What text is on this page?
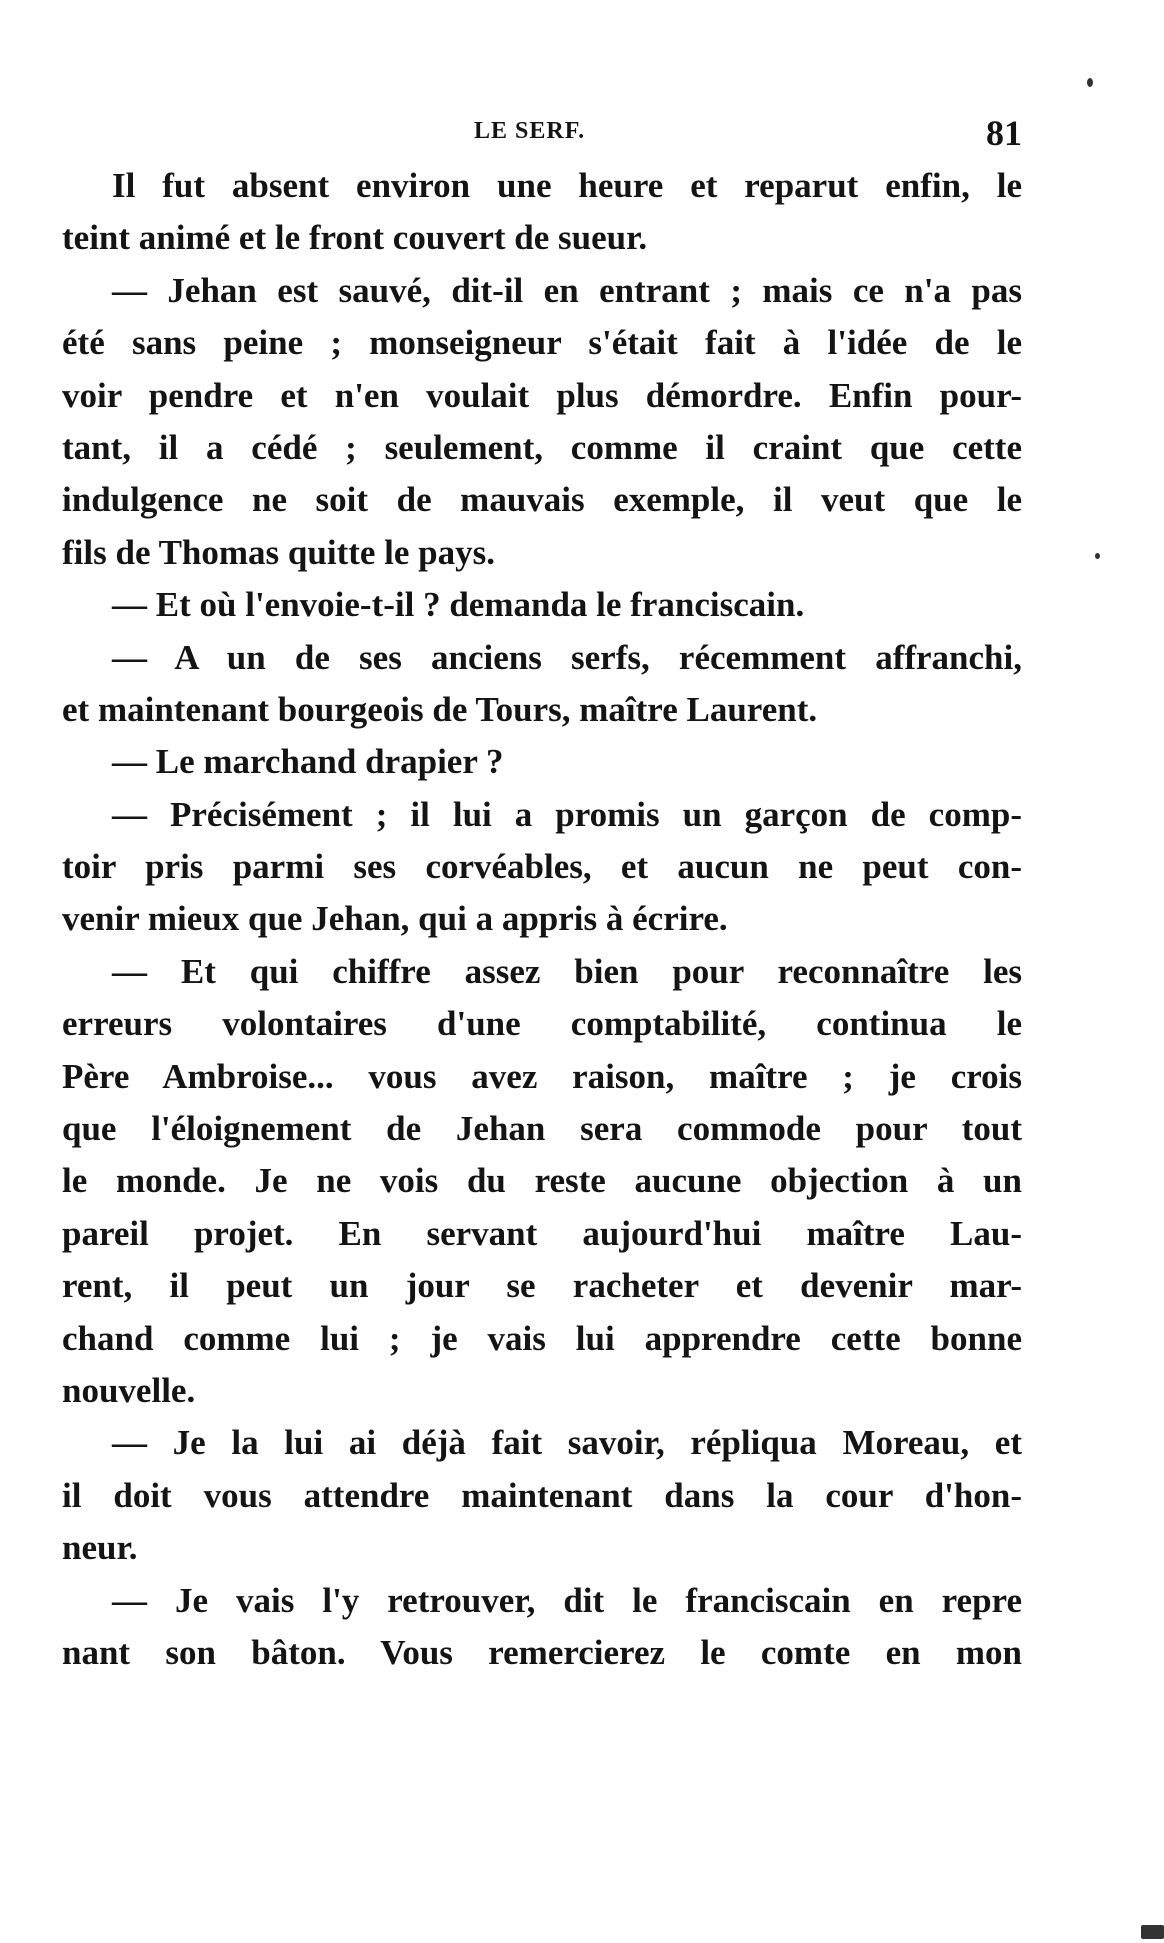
LE SERF.	81
Il fut absent environ une heure et reparut enfin, le
teint animé et le front couvert de sueur.
— Jehan est sauvé, dit-il en entrant ; mais ce n'a pas
été sans peine ; monseigneur s'était fait à l'idée de le
voir pendre et n'en voulait plus démordre. Enfin pour-
tant, il a cédé ; seulement, comme il craint que cette
indulgence ne soit de mauvais exemple, il veut que le
fils de Thomas quitte le pays.
— Et où l'envoie-t-il ? demanda le franciscain.
— A un de ses anciens serfs, récemment affranchi,
et maintenant bourgeois de Tours, maître Laurent.
— Le marchand drapier ?
— Précisément ; il lui a promis un garçon de comp-
toir pris parmi ses corvéables, et aucun ne peut con-
venir mieux que Jehan, qui a appris à écrire.
— Et qui chiffre assez bien pour reconnaître les
erreurs volontaires d'une comptabilité, continua le
Père Ambroise... vous avez raison, maître ; je crois
que l'éloignement de Jehan sera commode pour tout
le monde. Je ne vois du reste aucune objection à un
pareil projet. En servant aujourd'hui maître Lau-
rent, il peut un jour se racheter et devenir mar-
chand comme lui ; je vais lui apprendre cette bonne
nouvelle.
— Je la lui ai déjà fait savoir, répliqua Moreau, et
il doit vous attendre maintenant dans la cour d'hon-
neur.
— Je vais l'y retrouver, dit le franciscain en repre
nant son bâton. Vous remercierez le comte en mon
